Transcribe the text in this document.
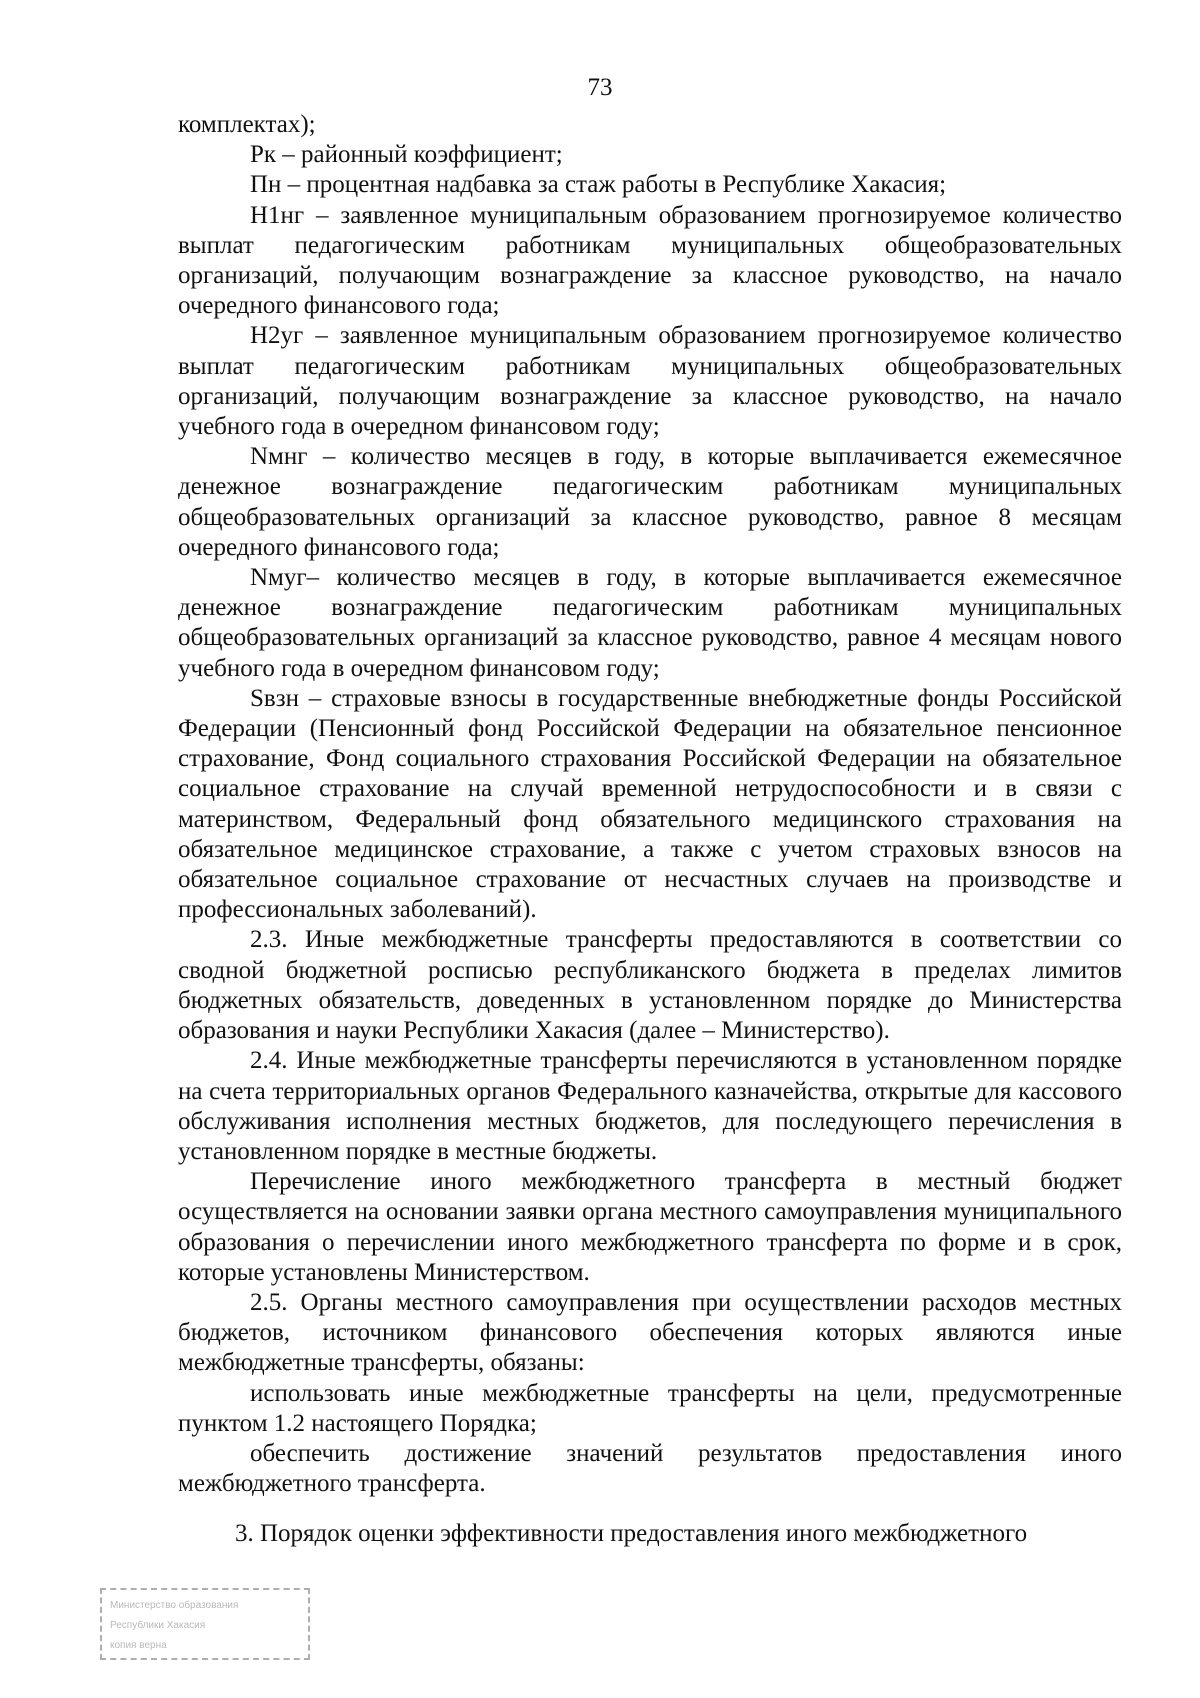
73

комплектах);

Рк – районный коэффициент;

Пн – процентная надбавка за стаж работы в Республике Хакасия;

Н1нг – заявленное муниципальным образованием прогнозируемое количество выплат педагогическим работникам муниципальных общеобразовательных организаций, получающим вознаграждение за классное руководство, на начало очередного финансового года;

Н2уг – заявленное муниципальным образованием прогнозируемое количество выплат педагогическим работникам муниципальных общеобразовательных организаций, получающим вознаграждение за классное руководство, на начало учебного года в очередном финансовом году;

Nмнг – количество месяцев в году, в которые выплачивается ежемесячное денежное вознаграждение педагогическим работникам муниципальных общеобразовательных организаций за классное руководство, равное 8 месяцам очередного финансового года;

Nмуг– количество месяцев в году, в которые выплачивается ежемесячное денежное вознаграждение педагогическим работникам муниципальных общеобразовательных организаций за классное руководство, равное 4 месяцам нового учебного года в очередном финансовом году;

Sвзн – страховые взносы в государственные внебюджетные фонды Российской Федерации (Пенсионный фонд Российской Федерации на обязательное пенсионное страхование, Фонд социального страхования Российской Федерации на обязательное социальное страхование на случай временной нетрудоспособности и в связи с материнством, Федеральный фонд обязательного медицинского страхования на обязательное медицинское страхование, а также с учетом страховых взносов на обязательное социальное страхование от несчастных случаев на производстве и профессиональных заболеваний).

2.3. Иные межбюджетные трансферты предоставляются в соответствии со сводной бюджетной росписью республиканского бюджета в пределах лимитов бюджетных обязательств, доведенных в установленном порядке до Министерства образования и науки Республики Хакасия (далее – Министерство).

2.4. Иные межбюджетные трансферты перечисляются в установленном порядке на счета территориальных органов Федерального казначейства, открытые для кассового обслуживания исполнения местных бюджетов, для последующего перечисления в установленном порядке в местные бюджеты.

Перечисление иного межбюджетного трансферта в местный бюджет осуществляется на основании заявки органа местного самоуправления муниципального образования о перечислении иного межбюджетного трансферта по форме и в срок, которые установлены Министерством.

2.5. Органы местного самоуправления при осуществлении расходов местных бюджетов, источником финансового обеспечения которых являются иные межбюджетные трансферты, обязаны:

использовать иные межбюджетные трансферты на цели, предусмотренные пунктом 1.2 настоящего Порядка;

обеспечить достижение значений результатов предоставления иного межбюджетного трансферта.

3. Порядок оценки эффективности предоставления иного межбюджетного
Министерство образования
Республики Хакасия
копия верна
